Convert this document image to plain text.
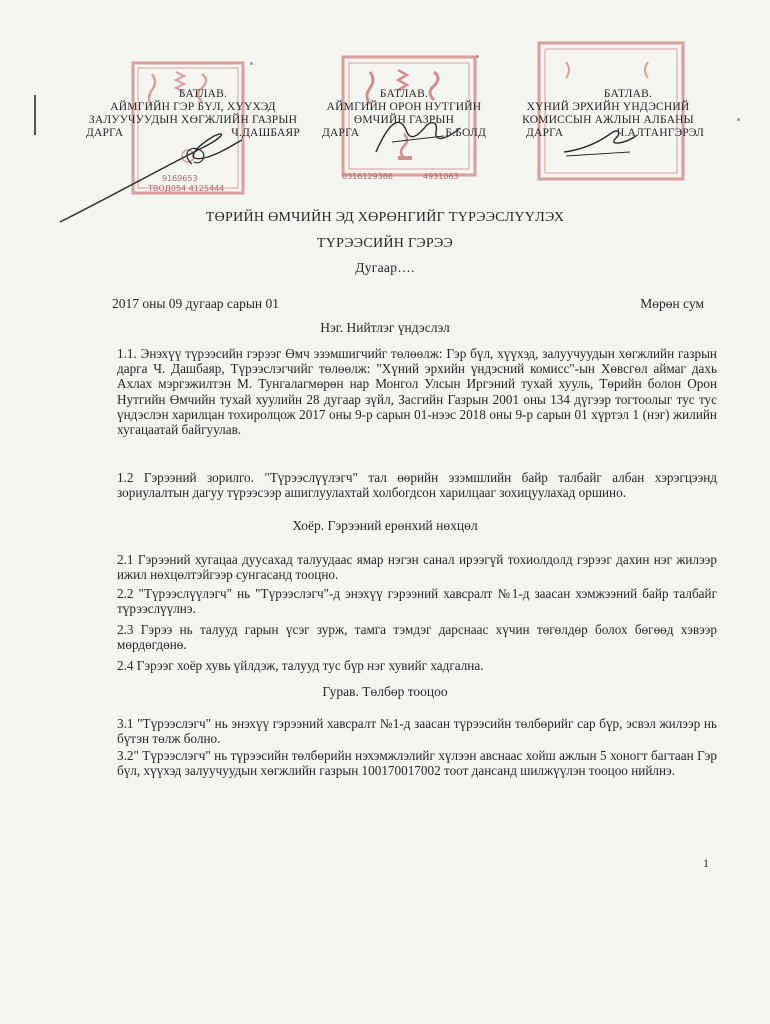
9169653
ТВОД054 4125444
0316129386	4931063
БАТЛАВ.
АЙМГИЙН ГЭР БҮЛ, ХҮҮХЭД
ЗАЛУУЧУУДЫН ХӨГЖЛИЙН ГАЗРЫН
ДАРГА	Ч.ДАШБАЯР
БАТЛАВ.
АЙМГИЙН ОРОН НУТГИЙН
ӨМЧИЙН ГАЗРЫН
ДАРГА	Б.БОЛД
БАТЛАВ.
ХҮНИЙ ЭРХИЙН ҮНДЭСНИЙ
КОМИССЫН АЖЛЫН АЛБАНЫ
ДАРГА	Ч.АЛТАНГЭРЭЛ
ТӨРИЙН ӨМЧИЙН ЭД ХӨРӨНГИЙГ ТҮРЭЭСЛҮҮЛЭХ
ТҮРЭЭСИЙН ГЭРЭЭ
Дугаар….
2017 оны 09 дугаар сарын 01	Мөрөн сум
Нэг. Нийтлэг үндэслэл
1.1. Энэхүү түрээсийн гэрээг Өмч эзэмшигчийг төлөөлж: Гэр бүл, хүүхэд, залуучуудын хөгжлийн газрын дарга Ч. Дашбаяр, Түрээслэгчийг төлөөлж: "Хүний эрхийн үндэсний комисс"-ын Хөвсгөл аймаг дахь Ахлах мэргэжилтэн М. Тунгалагмөрөн нар Монгол Улсын Иргэний тухай хууль, Төрийн болон Орон Нутгийн Өмчийн тухай хуулийн 28 дугаар зүйл, Засгийн Газрын 2001 оны 134 дүгээр тогтоолыг тус тус үндэслэн харилцан тохиролцож 2017 оны 9-р сарын 01-нээс 2018 оны 9-р сарын 01 хүртэл 1 (нэг) жилийн хугацаатай байгуулав.
1.2 Гэрээний зорилго. "Түрээслүүлэгч" тал өөрийн эзэмшлийн байр талбайг албан хэрэгцээнд зориулалтын дагуу түрээсээр ашиглуулахтай холбогдсон харилцааг зохицуулахад оршино.
Хоёр. Гэрээний ерөнхий нөхцөл
2.1 Гэрээний хугацаа дуусахад талуудаас ямар нэгэн санал ирээгүй тохиолдолд гэрээг дахин нэг жилээр ижил нөхцөлтэйгээр сунгасанд тооцно.
2.2 "Түрээслүүлэгч" нь "Түрээслэгч"-д энэхүү гэрээний хавсралт №1-д заасан хэмжээний байр талбайг түрээслүүлнэ.
2.3 Гэрээ нь талууд гарын үсэг зурж, тамга тэмдэг дарснаас хүчин төгөлдөр болох бөгөөд хэвээр мөрдөгдөнө.
2.4 Гэрээг хоёр хувь үйлдэж, талууд тус бүр нэг хувийг хадгална.
Гурав. Төлбөр тооцоо
3.1 "Түрээслэгч" нь энэхүү гэрээний хавсралт №1-д заасан түрээсийн төлбөрийг сар бүр, эсвэл жилээр нь бүтэн төлж болно.
3.2" Түрээслэгч" нь түрээсийн төлбөрийн нэхэмжлэлийг хүлээн авснаас хойш ажлын 5 хоногт багтаан Гэр бүл, хүүхэд залуучуудын хөгжлийн газрын 100170017002 тоот дансанд шилжүүлэн тооцоо нийлнэ.
1
